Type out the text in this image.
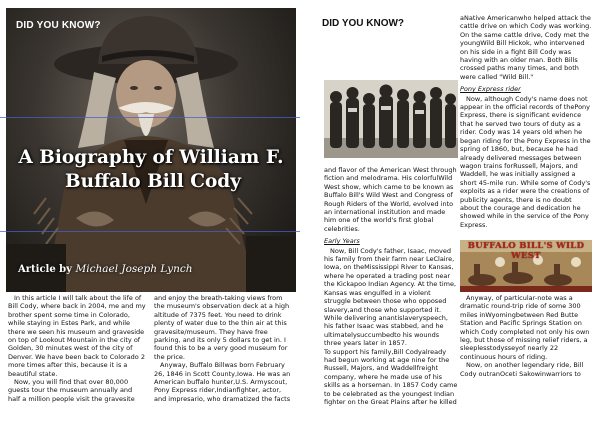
DID YOU KNOW?
A Biography of William F.
Buffalo Bill Cody
Article by Michael Joseph Lynch

In this article I will talk about the life of Bill Cody, where back in 2004, me and my brother spent some time in Colorado, while staying in Estes Park, and while there we seen his museum and graveside on top of Lookout Mountain in the city of Golden, 30 minutes west of the city of Denver. We have been back to Colorado 2 more times after this, because it is a beautiful state.

Now, you will find that over 80,000 guests tour the museum annually and half a million people visit the gravesite

and enjoy the breath-taking views from the museum's observation deck at a high altitude of 7375 feet. You need to drink plenty of water due to the thin air at this gravesite/museum. They have free parking, and its only 5 dollars to get in. I found this to be a very good museum for the price.

Anyway, Buffalo Billwas born February 26, 1846 in Scott County,Iowa. He was an American buffalo hunter,U.S. Armyscout, Pony Express rider,Indianfighter, actor, and impresario, who dramatized the facts

DID YOU KNOW?

and flavor of the American West through fiction and melodrama. His colorfulWild West show, which came to be known as Buffalo Bill's Wild West and Congress of Rough Riders of the World, evolved into an international institution and made him one of the world's first global celebrities.

Early Years

Now, Bill Cody's father, Isaac, moved his family from their farm near LeClaire, Iowa, on theMississippi River to Kansas, where he operated a trading post near the Kickapoo Indian Agency. At the time, Kansas was engulfed in a violent struggle between those who opposed slavery,and those who supported it. While delivering anantislaveryspeech, his father Isaac was stabbed, and he ultimatelysuccumbedto his wounds three years later in 1857.

To support his family,Bill Codyalready had begun working at age nine for the Russell, Majors, and Waddellfreight company, where he made use of his skills as a horseman. In 1857 Cody came to be celebrated as the youngest Indian fighter on the Great Plains after he killed

aNative Americanwho helped attack the cattle drive on which Cody was working. On the same cattle drive, Cody met the youngWild Bill Hickok, who intervened on his side in a fight Bill Cody was having with an older man. Both Bills crossed paths many times, and both were called "Wild Bill."

Pony Express rider

Now, although Cody's name does not appear in the official records of thePony Express, there is significant evidence that he served two tours of duty as a rider. Cody was 14 years old when he began riding for the Pony Express in the spring of 1860, but, because he had already delivered messages between wagon trains forRussell, Majors, and Waddell, he was initially assigned a short 45-mile run. While some of Cody's exploits as a rider were the creations of publicity agents, there is no doubt about the courage and dedication he showed while in the service of the Pony Express.

BUFFALO BILL'S WILD WEST

Anyway, of particular-note was a dramatic round-trip ride of some 300 miles inWyomingbetween Red Butte Station and Pacific Springs Station on which Cody completed not only his own leg, but those of missing relief riders, a sleeplesstodysseyof nearly 22 continuous hours of riding.

Now, on another legendary ride, Bill Cody outranOceti Sakowinwarriors to
